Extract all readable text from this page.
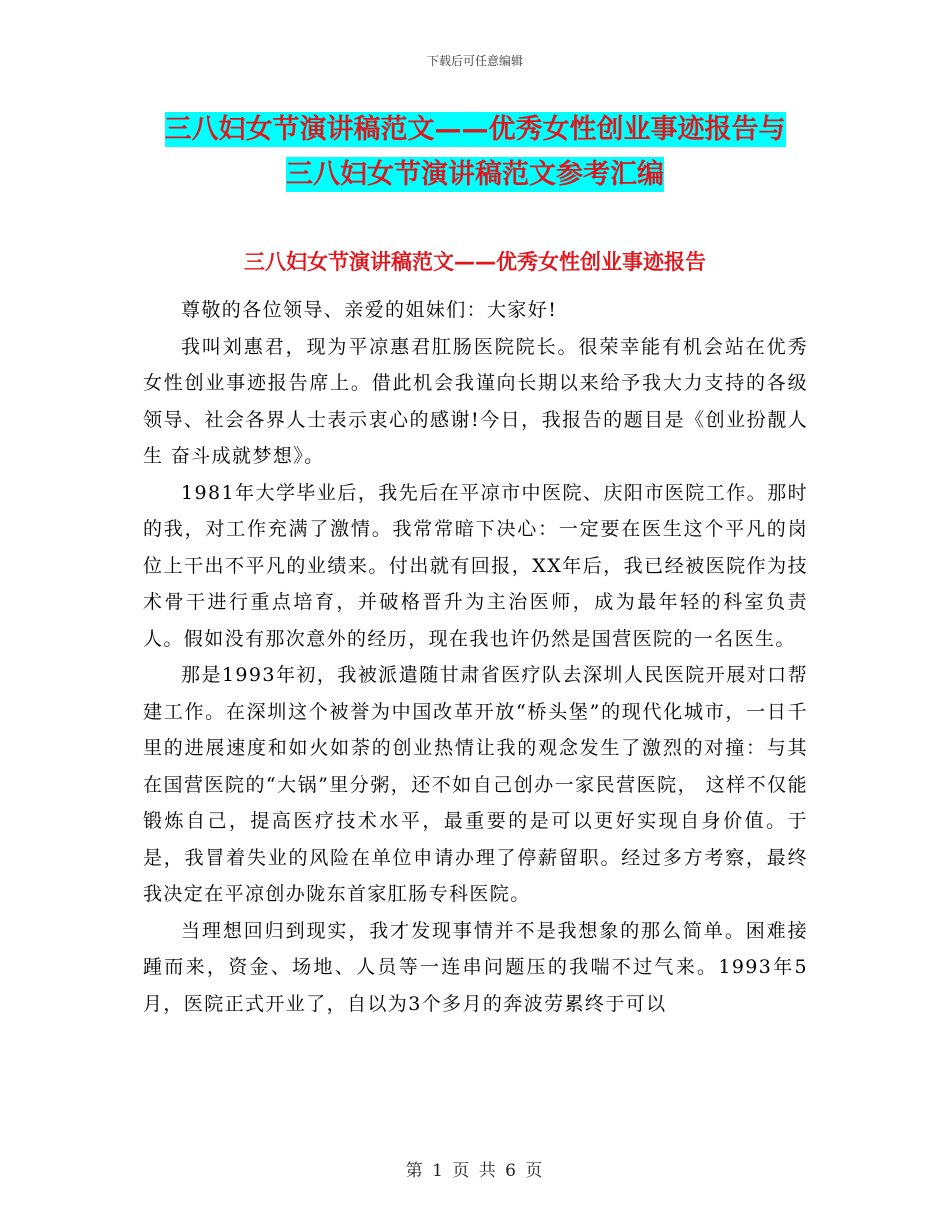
下载后可任意编辑
三八妇女节演讲稿范文——优秀女性创业事迹报告与
三八妇女节演讲稿范文参考汇编
三八妇女节演讲稿范文——优秀女性创业事迹报告

尊敬的各位领导、亲爱的姐妹们：大家好!

我叫刘惠君，现为平凉惠君肛肠医院院长。很荣幸能有机会站在优秀女性创业事迹报告席上。借此机会我谨向长期以来给予我大力支持的各级领导、社会各界人士表示衷心的感谢!今日，我报告的题目是《创业扮靓人生 奋斗成就梦想》。

1981年大学毕业后，我先后在平凉市中医院、庆阳市医院工作。那时的我，对工作充满了激情。我常常暗下决心：一定要在医生这个平凡的岗位上干出不平凡的业绩来。付出就有回报，XX年后，我已经被医院作为技术骨干进行重点培育，并破格晋升为主治医师，成为最年轻的科室负责人。假如没有那次意外的经历，现在我也许仍然是国营医院的一名医生。

那是1993年初，我被派遣随甘肃省医疗队去深圳人民医院开展对口帮建工作。在深圳这个被誉为中国改革开放“桥头堡”的现代化城市，一日千里的进展速度和如火如荼的创业热情让我的观念发生了激烈的对撞：与其在国营医院的“大锅”里分粥，还不如自己创办一家民营医院， 这样不仅能锻炼自己，提高医疗技术水平，最重要的是可以更好实现自身价值。于是，我冒着失业的风险在单位申请办理了停薪留职。经过多方考察，最终我决定在平凉创办陇东首家肛肠专科医院。

当理想回归到现实，我才发现事情并不是我想象的那么简单。困难接踵而来，资金、场地、人员等一连串问题压的我喘不过气来。1993年5月，医院正式开业了，自以为3个多月的奔波劳累终于可以

第 1 页 共 6 页
